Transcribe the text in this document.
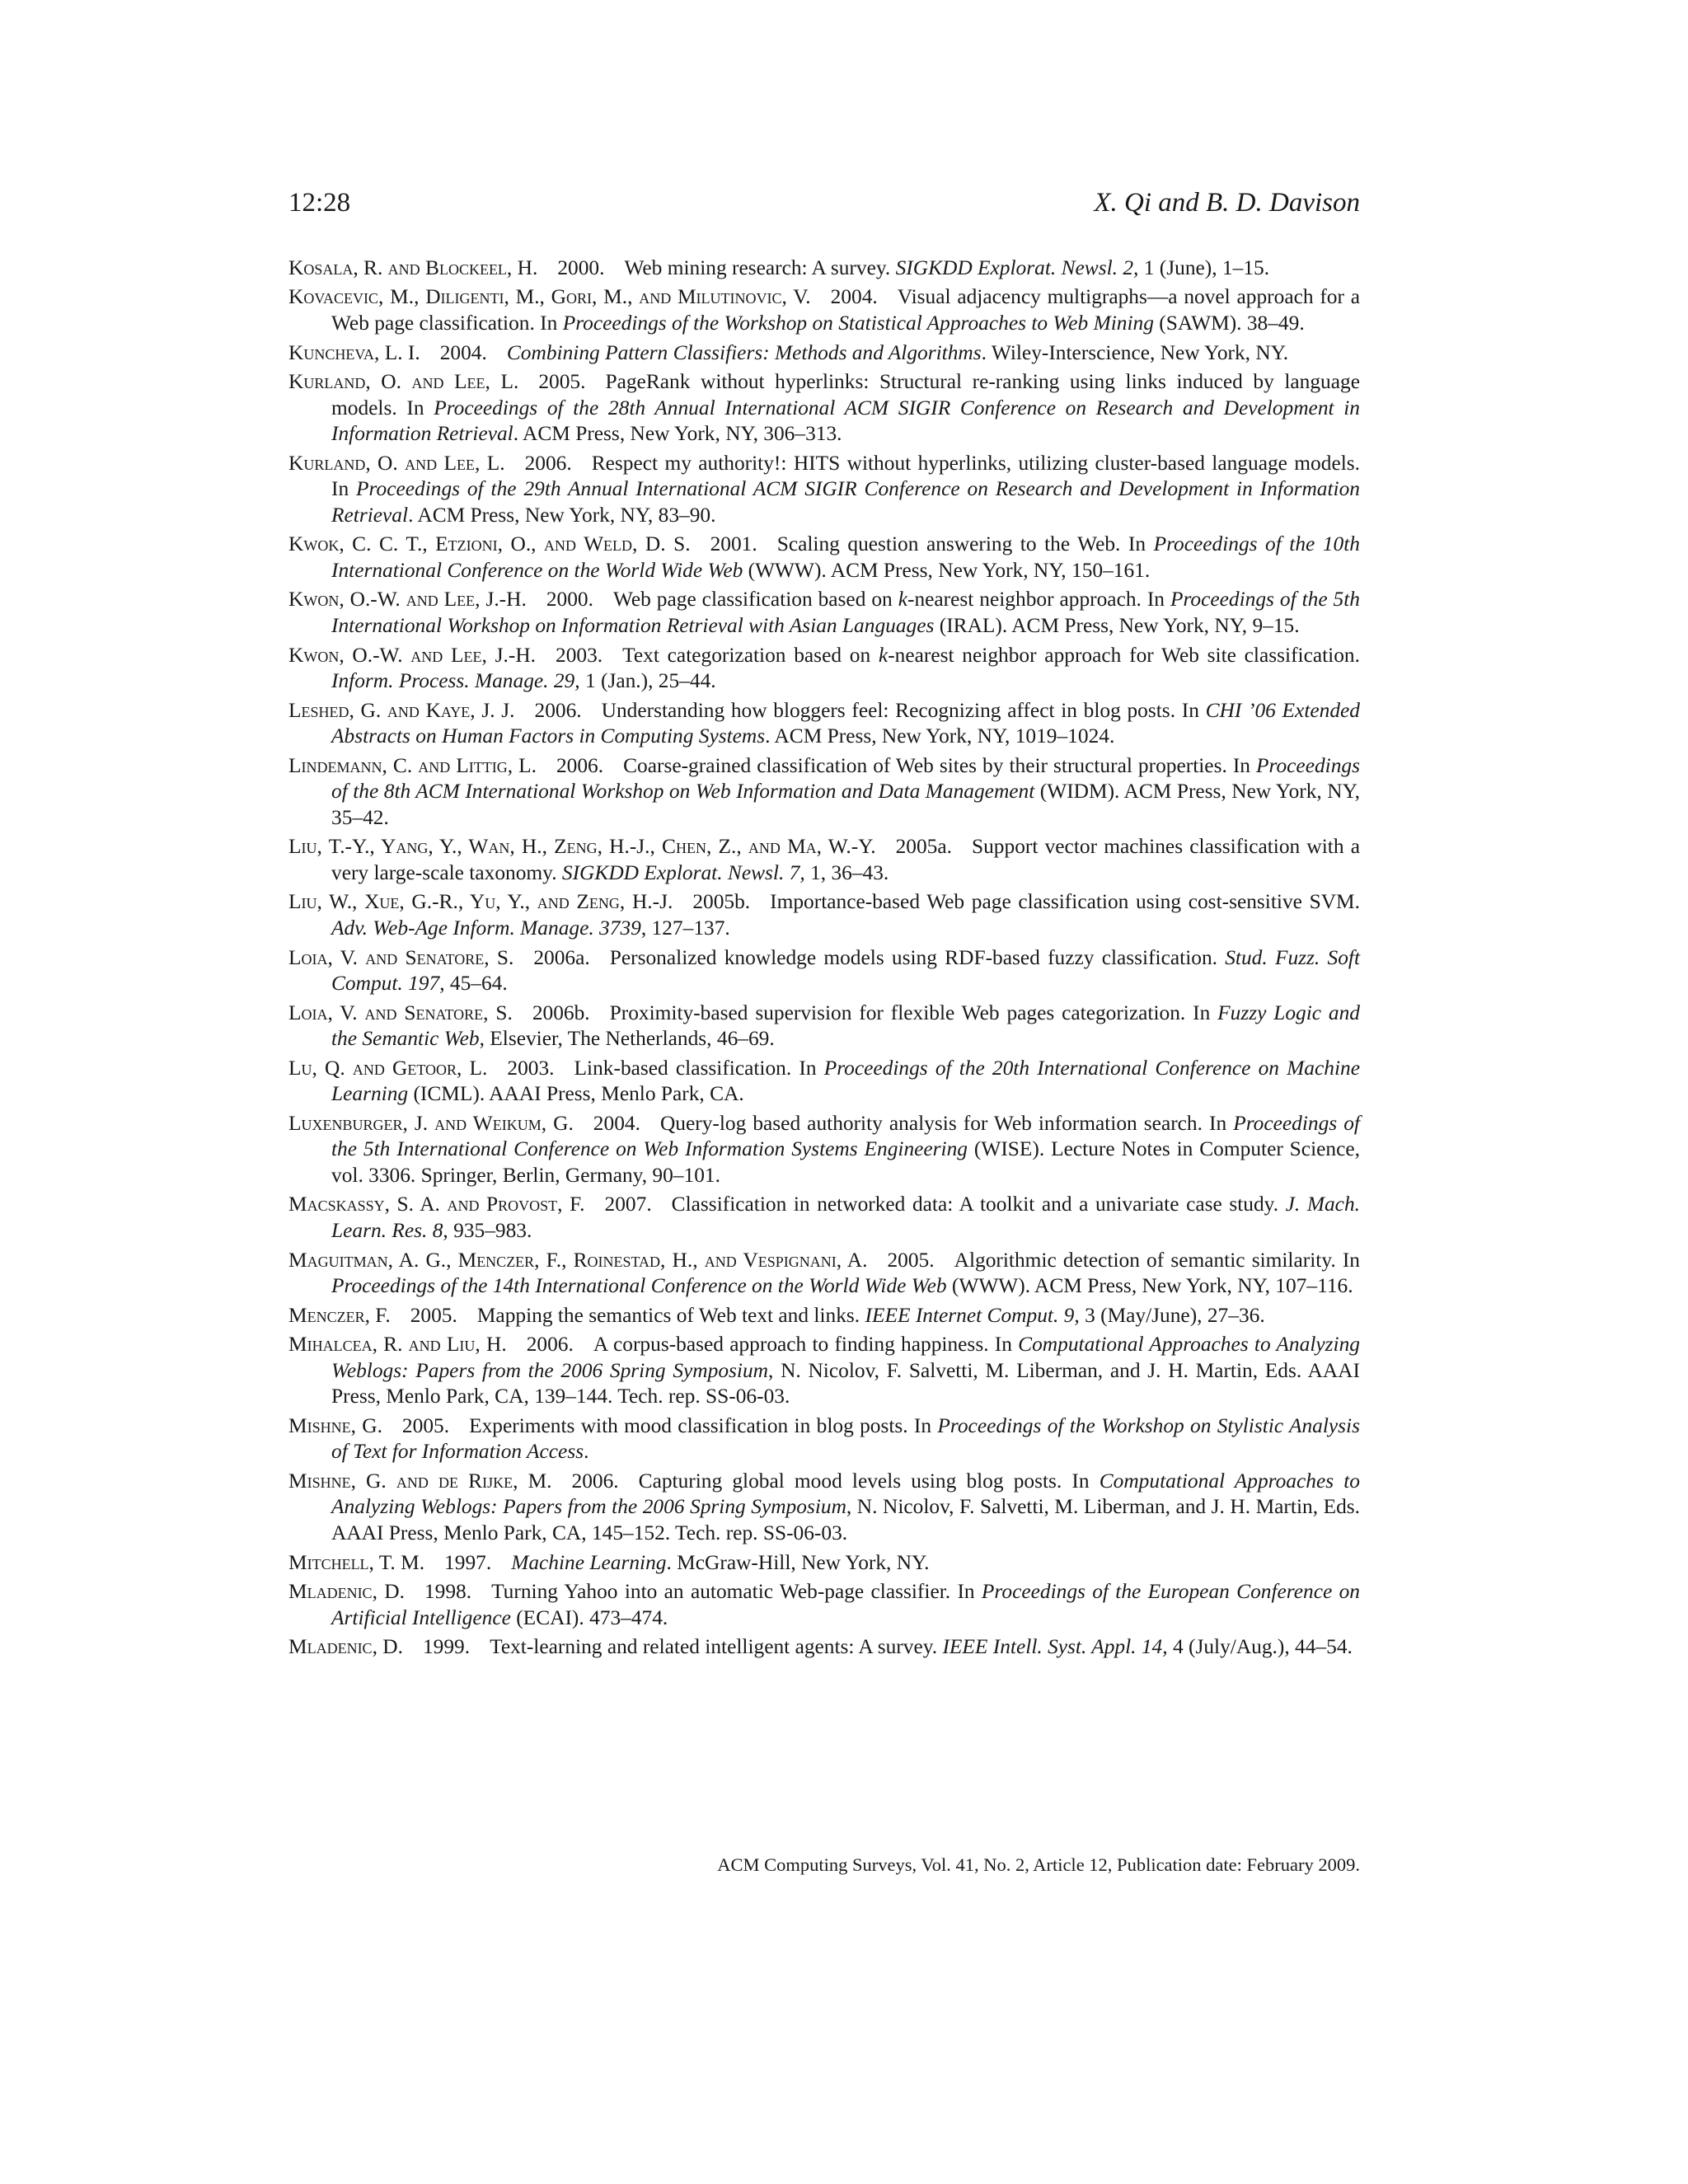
12:28	X. Qi and B. D. Davison

Kosala, R. and Blockeel, H. 2000. Web mining research: A survey. SIGKDD Explorat. Newsl. 2, 1 (June), 1–15.

Kovacevic, M., Diligenti, M., Gori, M., and Milutinovic, V. 2004. Visual adjacency multigraphs—a novel approach for a Web page classification. In Proceedings of the Workshop on Statistical Approaches to Web Mining (SAWM). 38–49.

Kuncheva, L. I. 2004. Combining Pattern Classifiers: Methods and Algorithms. Wiley-Interscience, New York, NY.

Kurland, O. and Lee, L. 2005. PageRank without hyperlinks: Structural re-ranking using links induced by language models. In Proceedings of the 28th Annual International ACM SIGIR Conference on Research and Development in Information Retrieval. ACM Press, New York, NY, 306–313.

Kurland, O. and Lee, L. 2006. Respect my authority!: HITS without hyperlinks, utilizing cluster-based language models. In Proceedings of the 29th Annual International ACM SIGIR Conference on Research and Development in Information Retrieval. ACM Press, New York, NY, 83–90.

Kwok, C. C. T., Etzioni, O., and Weld, D. S. 2001. Scaling question answering to the Web. In Proceedings of the 10th International Conference on the World Wide Web (WWW). ACM Press, New York, NY, 150–161.

Kwon, O.-W. and Lee, J.-H. 2000. Web page classification based on k-nearest neighbor approach. In Proceedings of the 5th International Workshop on Information Retrieval with Asian Languages (IRAL). ACM Press, New York, NY, 9–15.

Kwon, O.-W. and Lee, J.-H. 2003. Text categorization based on k-nearest neighbor approach for Web site classification. Inform. Process. Manage. 29, 1 (Jan.), 25–44.

Leshed, G. and Kaye, J. J. 2006. Understanding how bloggers feel: Recognizing affect in blog posts. In CHI ’06 Extended Abstracts on Human Factors in Computing Systems. ACM Press, New York, NY, 1019–1024.

Lindemann, C. and Littig, L. 2006. Coarse-grained classification of Web sites by their structural properties. In Proceedings of the 8th ACM International Workshop on Web Information and Data Management (WIDM). ACM Press, New York, NY, 35–42.

Liu, T.-Y., Yang, Y., Wan, H., Zeng, H.-J., Chen, Z., and Ma, W.-Y. 2005a. Support vector machines classification with a very large-scale taxonomy. SIGKDD Explorat. Newsl. 7, 1, 36–43.

Liu, W., Xue, G.-R., Yu, Y., and Zeng, H.-J. 2005b. Importance-based Web page classification using cost-sensitive SVM. Adv. Web-Age Inform. Manage. 3739, 127–137.

Loia, V. and Senatore, S. 2006a. Personalized knowledge models using RDF-based fuzzy classification. Stud. Fuzz. Soft Comput. 197, 45–64.

Loia, V. and Senatore, S. 2006b. Proximity-based supervision for flexible Web pages categorization. In Fuzzy Logic and the Semantic Web, Elsevier, The Netherlands, 46–69.

Lu, Q. and Getoor, L. 2003. Link-based classification. In Proceedings of the 20th International Conference on Machine Learning (ICML). AAAI Press, Menlo Park, CA.

Luxenburger, J. and Weikum, G. 2004. Query-log based authority analysis for Web information search. In Proceedings of the 5th International Conference on Web Information Systems Engineering (WISE). Lecture Notes in Computer Science, vol. 3306. Springer, Berlin, Germany, 90–101.

Macskassy, S. A. and Provost, F. 2007. Classification in networked data: A toolkit and a univariate case study. J. Mach. Learn. Res. 8, 935–983.

Maguitman, A. G., Menczer, F., Roinestad, H., and Vespignani, A. 2005. Algorithmic detection of semantic similarity. In Proceedings of the 14th International Conference on the World Wide Web (WWW). ACM Press, New York, NY, 107–116.

Menczer, F. 2005. Mapping the semantics of Web text and links. IEEE Internet Comput. 9, 3 (May/June), 27–36.

Mihalcea, R. and Liu, H. 2006. A corpus-based approach to finding happiness. In Computational Approaches to Analyzing Weblogs: Papers from the 2006 Spring Symposium, N. Nicolov, F. Salvetti, M. Liberman, and J. H. Martin, Eds. AAAI Press, Menlo Park, CA, 139–144. Tech. rep. SS-06-03.

Mishne, G. 2005. Experiments with mood classification in blog posts. In Proceedings of the Workshop on Stylistic Analysis of Text for Information Access.

Mishne, G. and de Rijke, M. 2006. Capturing global mood levels using blog posts. In Computational Approaches to Analyzing Weblogs: Papers from the 2006 Spring Symposium, N. Nicolov, F. Salvetti, M. Liberman, and J. H. Martin, Eds. AAAI Press, Menlo Park, CA, 145–152. Tech. rep. SS-06-03.

Mitchell, T. M. 1997. Machine Learning. McGraw-Hill, New York, NY.

Mladenic, D. 1998. Turning Yahoo into an automatic Web-page classifier. In Proceedings of the European Conference on Artificial Intelligence (ECAI). 473–474.

Mladenic, D. 1999. Text-learning and related intelligent agents: A survey. IEEE Intell. Syst. Appl. 14, 4 (July/Aug.), 44–54.

ACM Computing Surveys, Vol. 41, No. 2, Article 12, Publication date: February 2009.
